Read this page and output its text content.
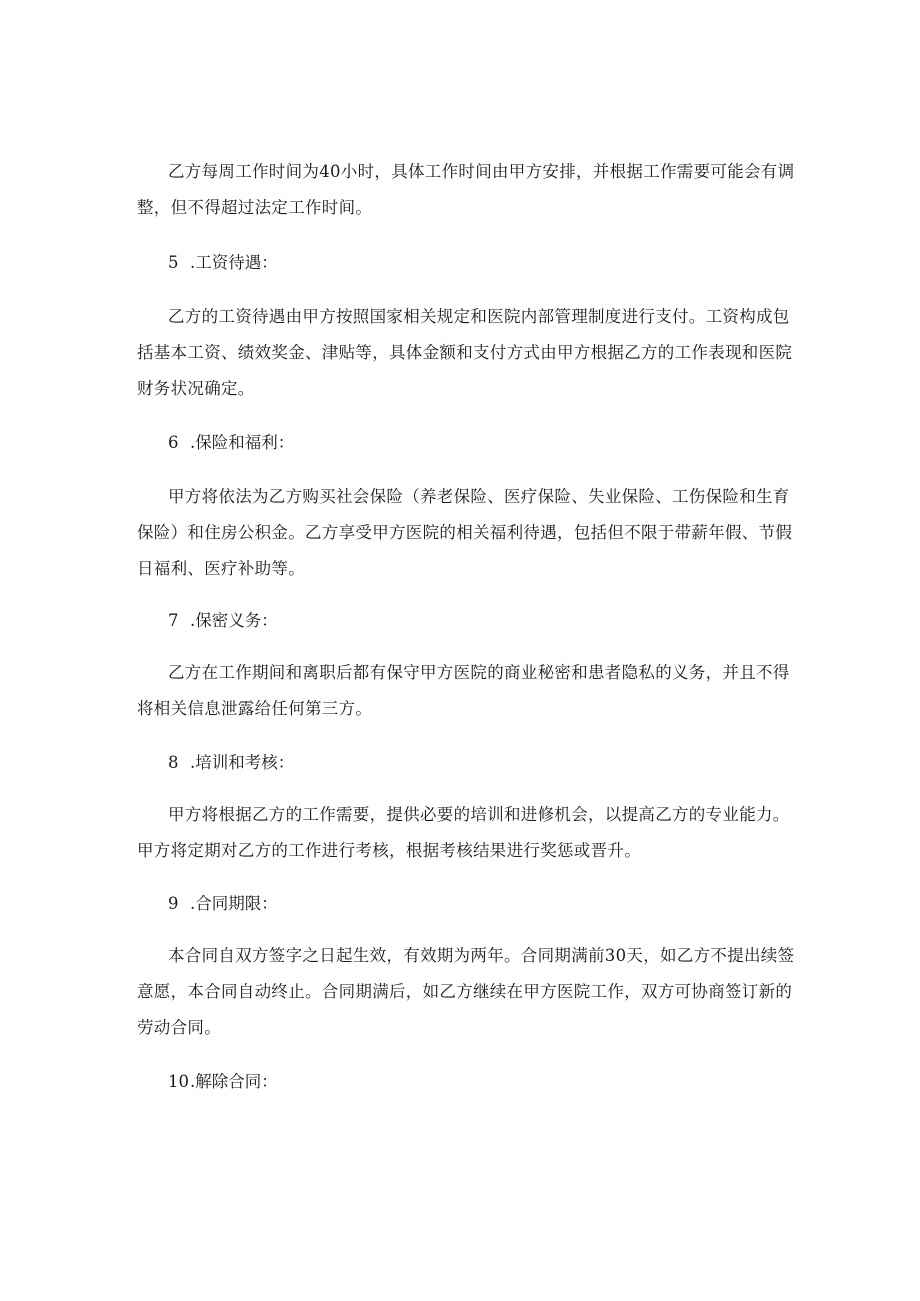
乙方每周工作时间为40小时，具体工作时间由甲方安排，并根据工作需要可能会有调整，但不得超过法定工作时间。

5 .工资待遇：

乙方的工资待遇由甲方按照国家相关规定和医院内部管理制度进行支付。工资构成包括基本工资、绩效奖金、津贴等，具体金额和支付方式由甲方根据乙方的工作表现和医院财务状况确定。

6 .保险和福利：

甲方将依法为乙方购买社会保险（养老保险、医疗保险、失业保险、工伤保险和生育保险）和住房公积金。乙方享受甲方医院的相关福利待遇，包括但不限于带薪年假、节假日福利、医疗补助等。

7 .保密义务：

乙方在工作期间和离职后都有保守甲方医院的商业秘密和患者隐私的义务，并且不得将相关信息泄露给任何第三方。

8 .培训和考核：

甲方将根据乙方的工作需要，提供必要的培训和进修机会，以提高乙方的专业能力。甲方将定期对乙方的工作进行考核，根据考核结果进行奖惩或晋升。

9 .合同期限：

本合同自双方签字之日起生效，有效期为两年。合同期满前30天，如乙方不提出续签意愿，本合同自动终止。合同期满后，如乙方继续在甲方医院工作，双方可协商签订新的劳动合同。

10.解除合同：
